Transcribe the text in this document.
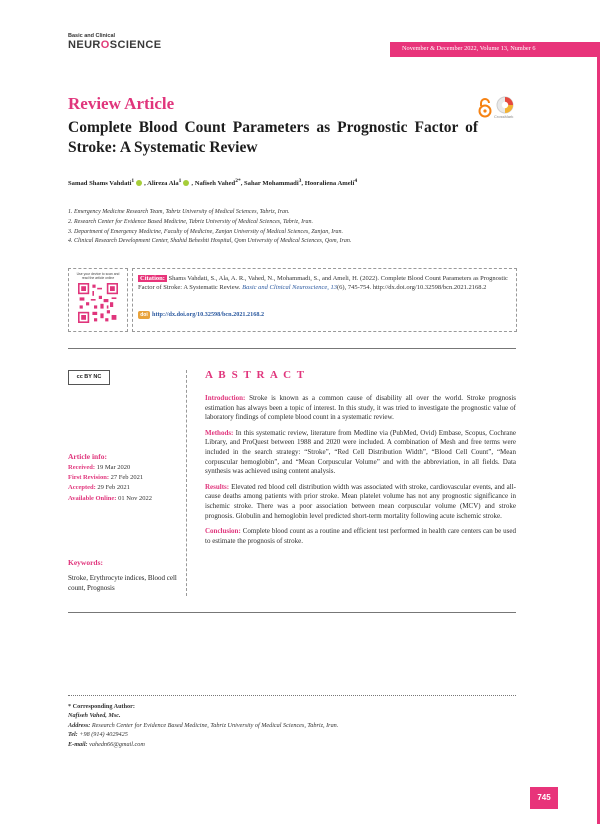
Basic and Clinical
NEUROSCIENCE	November & December 2022, Volume 13, Number 6
Review Article
Complete Blood Count Parameters as Prognostic Factor of Stroke: A Systematic Review
CrossMark
Samad Shams Vahdati$^1$ , Alireza Ala$^1$ , Nafiseh Vahed$^{2*}$, Sahar Mohammadi$^3$, Hooraliena Ameli$^4$
1. Emergency Medicine Research Team, Tabriz University of Medical Sciences, Tabriz, Iran.
2. Research Center for Evidence Based Medicine, Tabriz University of Medical Sciences, Tabriz, Iran.
3. Department of Emergency Medicine, Faculty of Medicine, Zanjan University of Medical Sciences, Zanjan, Iran.
4. Clinical Research Development Center, Shahid Beheshti Hospital, Qom University of Medical Sciences, Qom, Iran.
Use your device to scan and read the article online	Citation: Shams Vahdati, S., Ala, A. R., Vahed, N., Mohammadi, S., and Ameli, H. (2022). Complete Blood Count Parameters as Prognostic Factor of Stroke: A Systematic Review. Basic and Clinical Neuroscience, 13(6), 745-754. http://dx.doi.org/10.32598/bcn.2021.2168.2
doi http://dx.doi.org/10.32598/bcn.2021.2168.2
cc BY NC
Article info:
Received: 19 Mar 2020
First Revision: 27 Feb 2021
Accepted: 29 Feb 2021
Available Online: 01 Nov 2022
Keywords:
Stroke, Erythrocyte indices, Blood cell count, Prognosis
A B S T R A C T

Introduction: Stroke is known as a common cause of disability all over the world. Stroke prognosis estimation has always been a topic of interest. In this study, it was tried to investigate the prognostic value of laboratory findings of complete blood count in a systematic review.

Methods: In this systematic review, literature from Medline via (PubMed, Ovid) Embase, Scopus, Cochrane Library, and ProQuest between 1988 and 2020 were included. A combination of Mesh and free terms were included in the search strategy: “Stroke”, “Red Cell Distribution Width”, “Blood Cell Count”, “Mean corpuscular hemoglobin”, and “Mean Corpuscular Volume” and with the abbreviation, in all fields. Data synthesis was achieved using content analysis.

Results: Elevated red blood cell distribution width was associated with stroke, cardiovascular events, and all-cause deaths among patients with prior stroke. Mean platelet volume has not any prognostic significance in ischemic stroke. There was a poor association between mean corpuscular volume (MCV) and stroke prognosis. Globulin and hemoglobin level predicted short-term mortality following acute ischemic stroke.

Conclusion: Complete blood count as a routine and efficient test performed in health care centers can be used to estimate the prognosis of stroke.

* Corresponding Author:
Nafiseh Vahed, Msc.
Address: Research Center for Evidence Based Medicine, Tabriz University of Medical Sciences, Tabriz, Iran.
Tel: +98 (914) 4029425
E-mail: vahedn66@gmail.com
745
